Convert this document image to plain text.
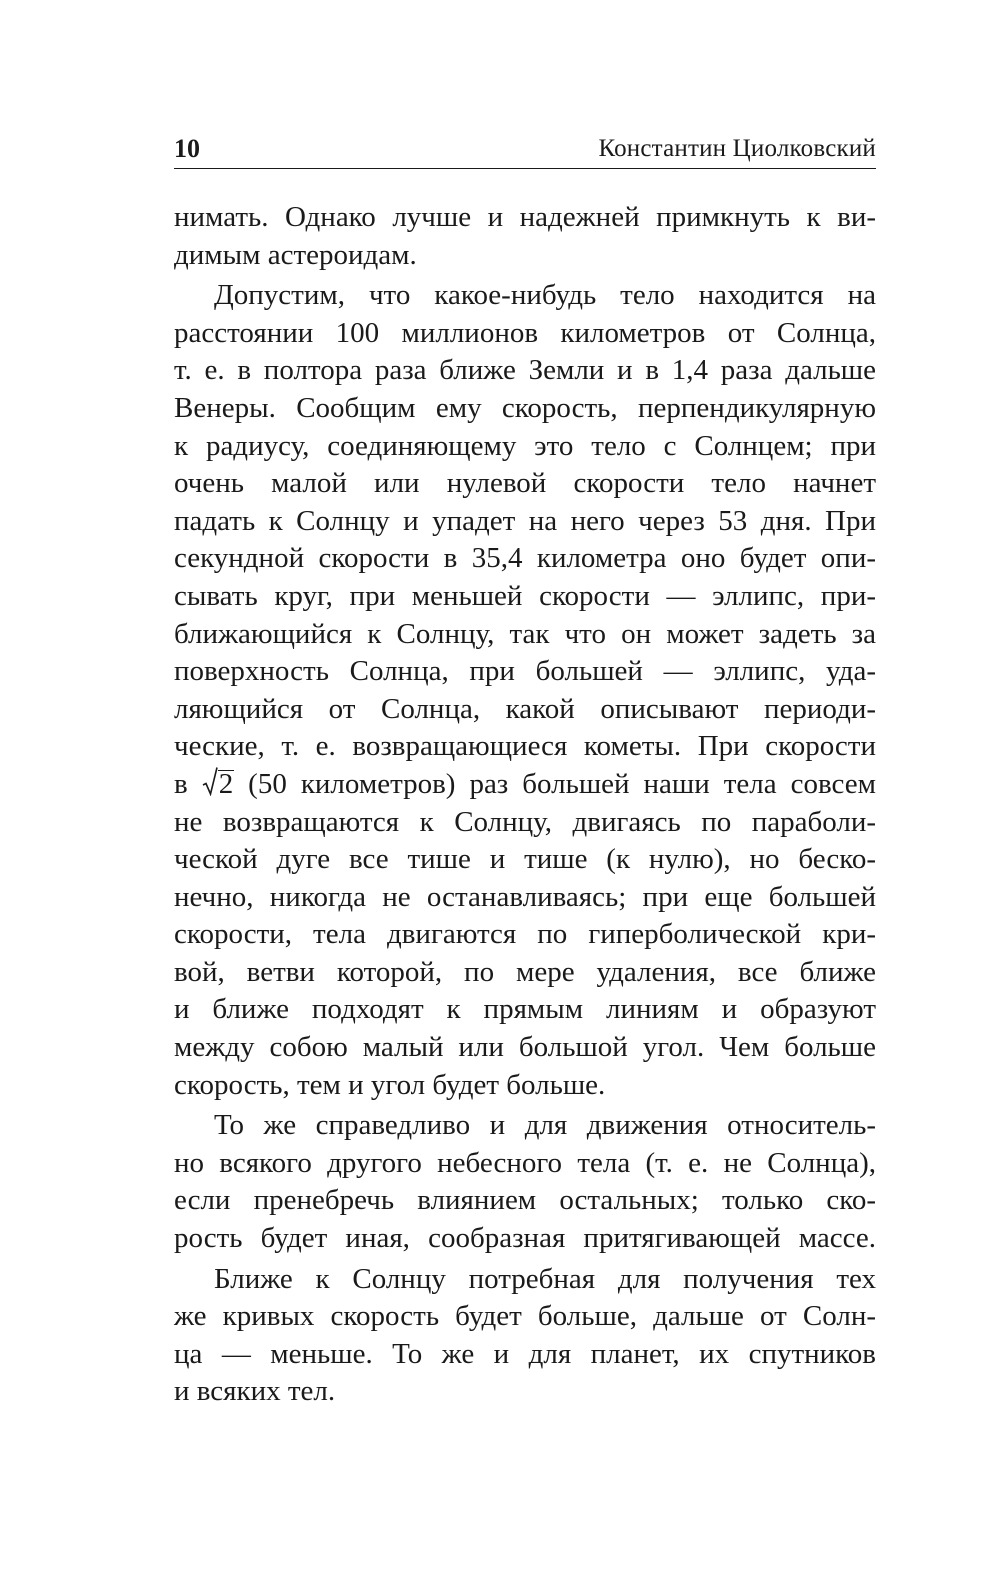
10	Константин Циолковский
нимать. Однако лучше и надежней примкнуть к ви-
димым астероидам.
Допустим, что какое-нибудь тело находится на
расстоянии 100 миллионов километров от Солнца,
т. е. в полтора раза ближе Земли и в 1,4 раза дальше
Венеры. Сообщим ему скорость, перпендикулярную
к радиусу, соединяющему это тело с Солнцем; при
очень малой или нулевой скорости тело начнет
падать к Солнцу и упадет на него через 53 дня. При
секундной скорости в 35,4 километра оно будет опи-
сывать круг, при меньшей скорости — эллипс, при-
ближающийся к Солнцу, так что он может задеть за
поверхность Солнца, при большей — эллипс, уда-
ляющийся от Солнца, какой описывают периоди-
ческие, т. е. возвращающиеся кометы. При скорости
в
2 (50 километров) раз большей наши тела совсем
не возвращаются к Солнцу, двигаясь по параболи-
ческой дуге все тише и тише (к нулю), но беско-
нечно, никогда не останавливаясь; при еще большей
скорости, тела двигаются по гиперболической кри-
вой, ветви которой, по мере удаления, все ближе
и ближе подходят к прямым линиям и образуют
между собою малый или большой угол. Чем больше
скорость, тем и угол будет больше.
То же справедливо и для движения относитель-
но всякого другого небесного тела (т. е. не Солнца),
если пренебречь влиянием остальных; только ско-
рость будет иная, сообразная притягивающей массе.
Ближе к Солнцу потребная для получения тех
же кривых скорость будет больше, дальше от Солн-
ца — меньше. То же и для планет, их спутников
и всяких тел.
